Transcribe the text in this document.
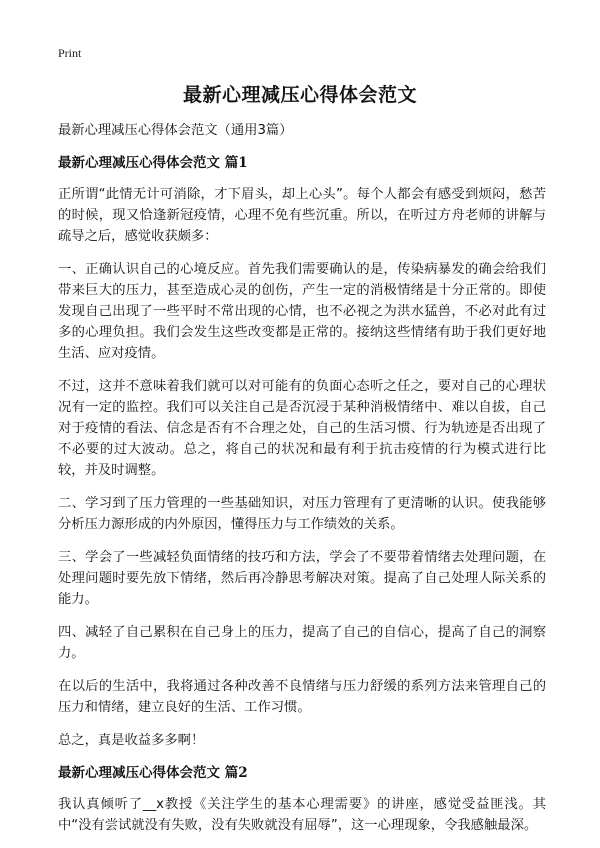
Print
最新心理减压心得体会范文

最新心理减压心得体会范文（通用3篇）

最新心理减压心得体会范文 篇1

正所谓“此情无计可消除，才下眉头，却上心头”。每个人都会有感受到烦闷，愁苦的时候，现又恰逢新冠疫情，心理不免有些沉重。所以，在听过方舟老师的讲解与疏导之后，感觉收获颇多：

一、正确认识自己的心境反应。首先我们需要确认的是，传染病暴发的确会给我们带来巨大的压力，甚至造成心灵的创伤，产生一定的消极情绪是十分正常的。即使发现自己出现了一些平时不常出现的心情，也不必视之为洪水猛兽，不必对此有过多的心理负担。我们会发生这些改变都是正常的。接纳这些情绪有助于我们更好地生活、应对疫情。

不过，这并不意味着我们就可以对可能有的负面心态听之任之，要对自己的心理状况有一定的监控。我们可以关注自己是否沉浸于某种消极情绪中、难以自拔，自己对于疫情的看法、信念是否有不合理之处，自己的生活习惯、行为轨迹是否出现了不必要的过大波动。总之，将自己的状况和最有利于抗击疫情的行为模式进行比较，并及时调整。

二、学习到了压力管理的一些基础知识，对压力管理有了更清晰的认识。使我能够分析压力源形成的内外原因，懂得压力与工作绩效的关系。

三、学会了一些减轻负面情绪的技巧和方法，学会了不要带着情绪去处理问题，在处理问题时要先放下情绪，然后再冷静思考解决对策。提高了自己处理人际关系的能力。

四、减轻了自己累积在自己身上的压力，提高了自己的自信心，提高了自己的洞察力。

在以后的生活中，我将通过各种改善不良情绪与压力舒缓的系列方法来管理自己的压力和情绪，建立良好的生活、工作习惯。

总之，真是收益多多啊！

最新心理减压心得体会范文 篇2

我认真倾听了__x教授《关注学生的基本心理需要》的讲座，感觉受益匪浅。其中“没有尝试就没有失败，没有失败就没有屈辱”，这一心理现象，令我感触最深。
